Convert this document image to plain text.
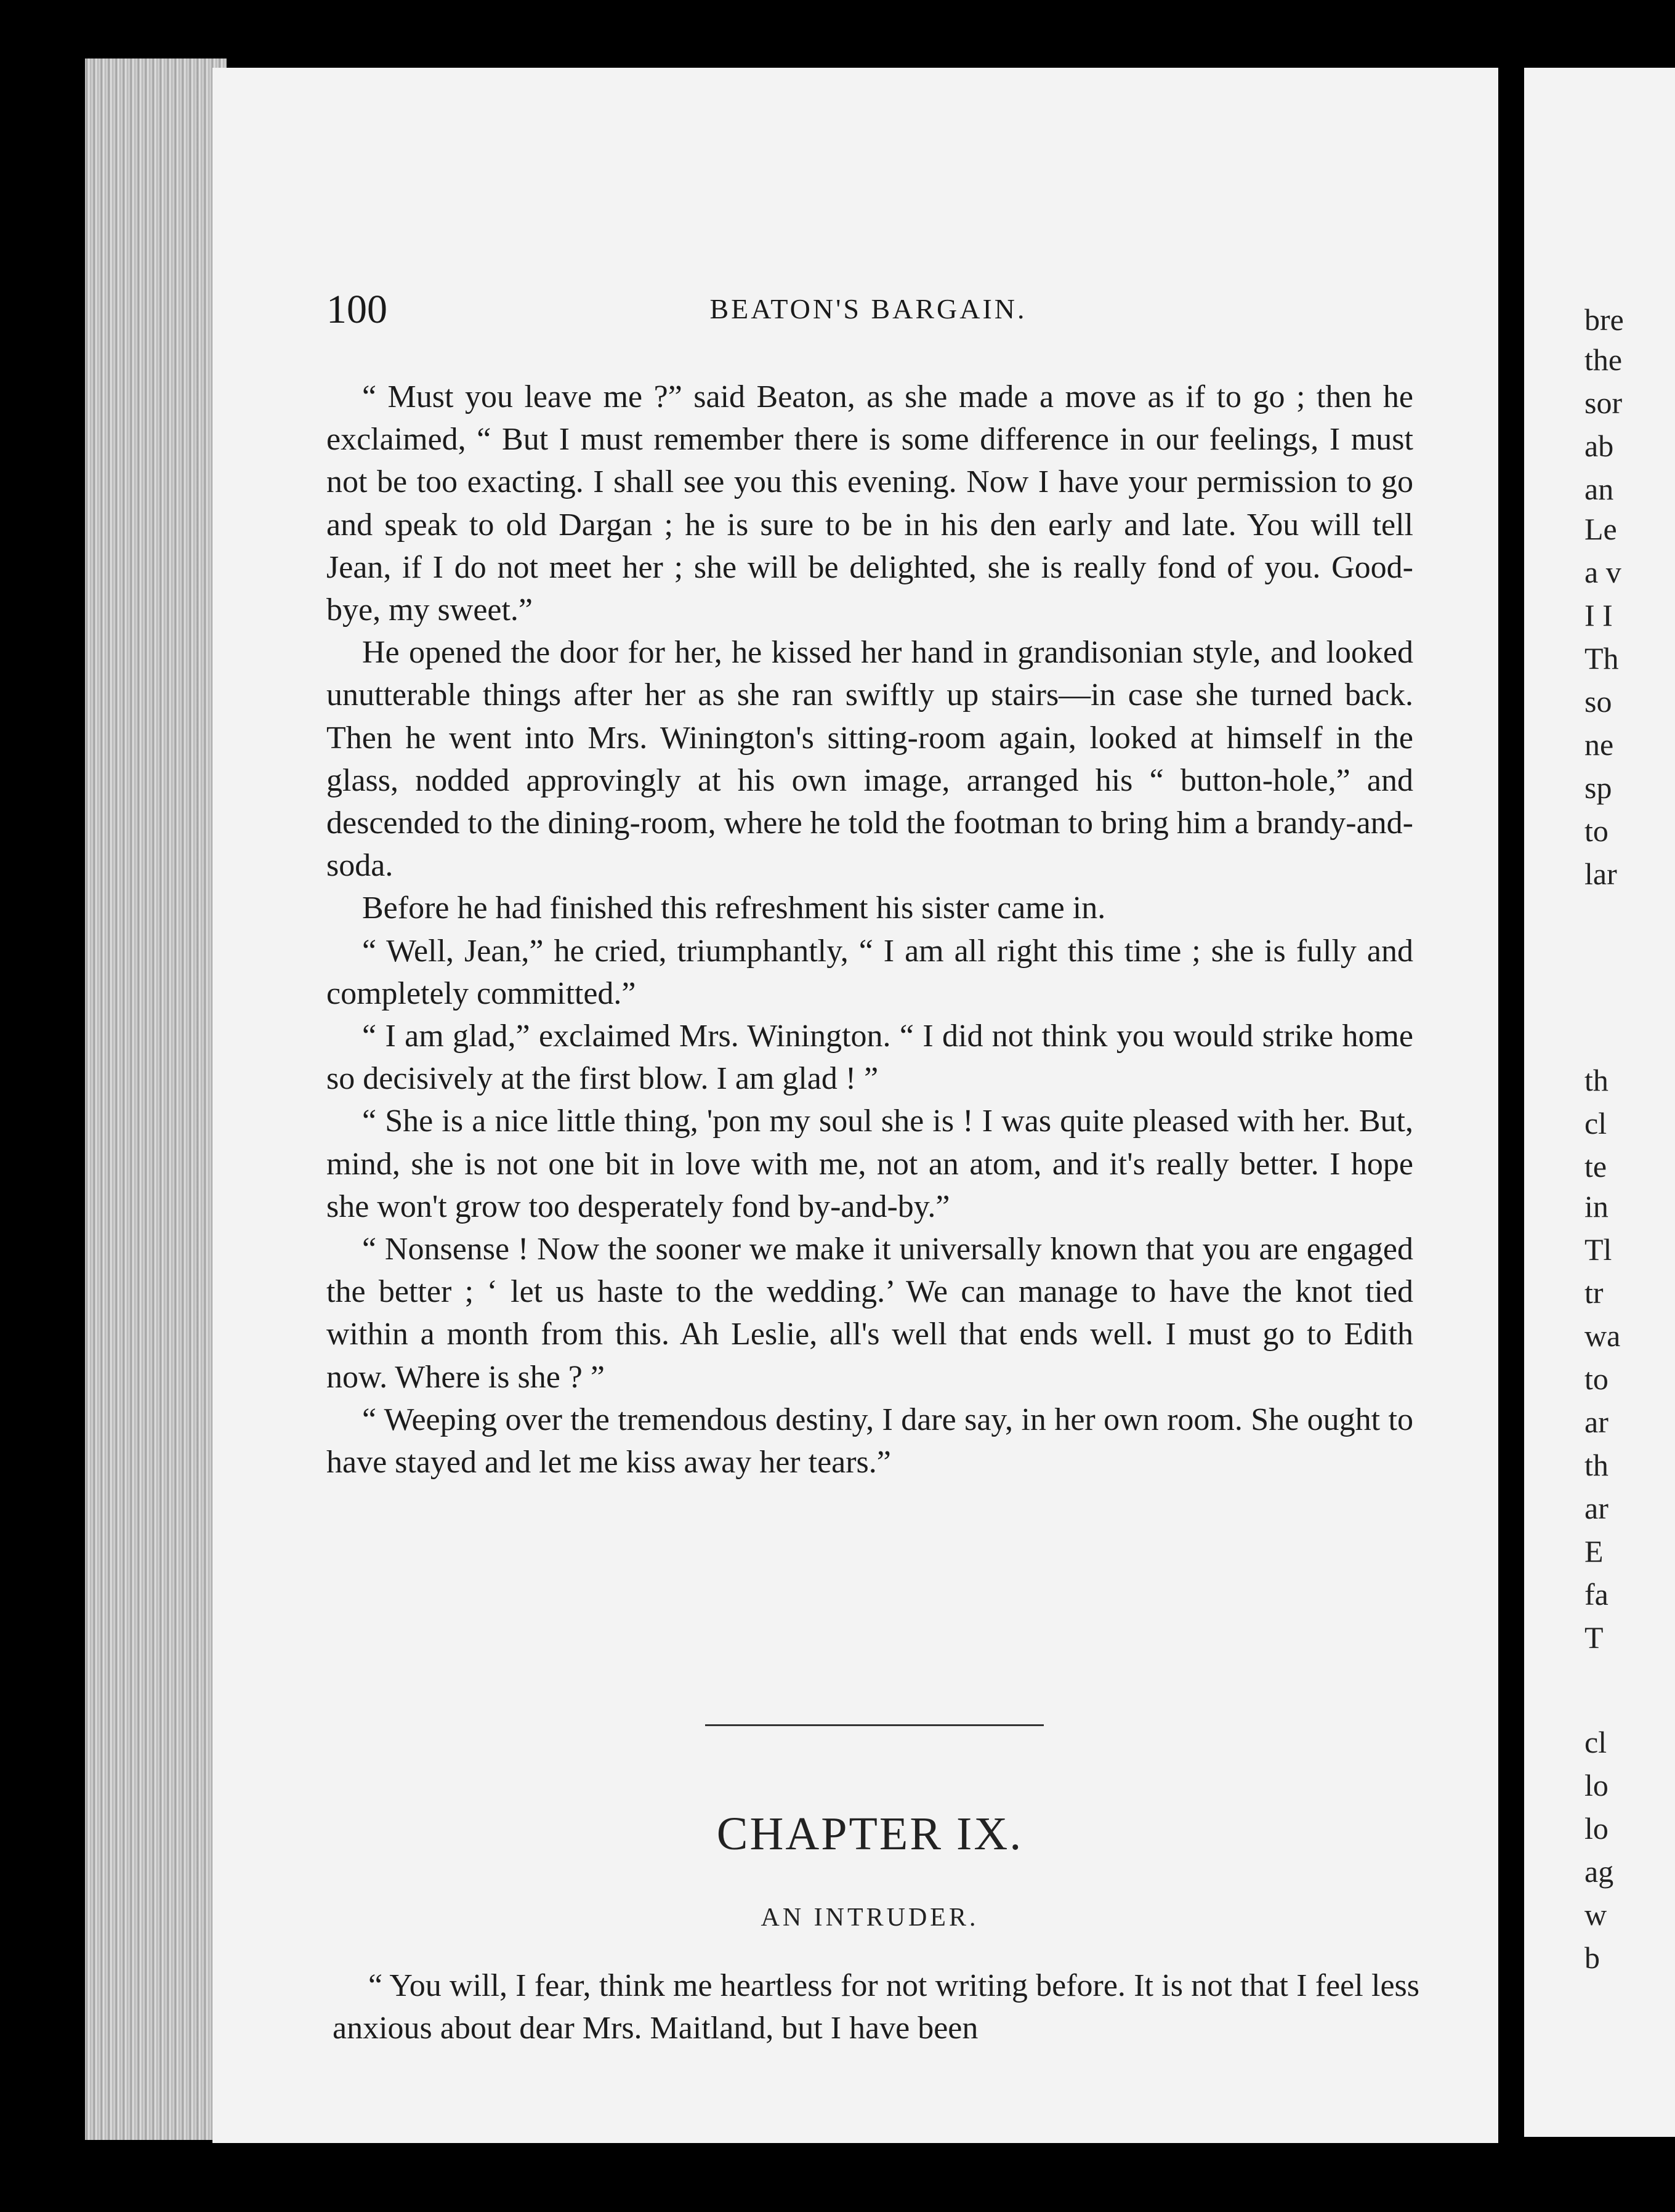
100	BEATON'S BARGAIN.

“ Must you leave me ?” said Beaton, as she made a move as if to go ; then he exclaimed, “ But I must remember there is some difference in our feelings, I must not be too exacting. I shall see you this evening. Now I have your permission to go and speak to old Dargan ; he is sure to be in his den early and late. You will tell Jean, if I do not meet her ; she will be delighted, she is really fond of you. Good-bye, my sweet.”

He opened the door for her, he kissed her hand in grandisonian style, and looked unutterable things after her as she ran swiftly up stairs—in case she turned back. Then he went into Mrs. Winington's sitting-room again, looked at himself in the glass, nodded approvingly at his own image, arranged his “ button-hole,” and descended to the dining-room, where he told the footman to bring him a brandy-and-soda.

Before he had finished this refreshment his sister came in.

“ Well, Jean,” he cried, triumphantly, “ I am all right this time ; she is fully and completely committed.”

“ I am glad,” exclaimed Mrs. Winington. “ I did not think you would strike home so decisively at the first blow. I am glad ! ”

“ She is a nice little thing, 'pon my soul she is ! I was quite pleased with her. But, mind, she is not one bit in love with me, not an atom, and it's really better. I hope she won't grow too desperately fond by-and-by.”

“ Nonsense ! Now the sooner we make it universally known that you are engaged the better ; ‘ let us haste to the wedding.’ We can manage to have the knot tied within a month from this. Ah Leslie, all's well that ends well. I must go to Edith now. Where is she ? ”

“ Weeping over the tremendous destiny, I dare say, in her own room. She ought to have stayed and let me kiss away her tears.”

CHAPTER IX.
AN INTRUDER.

“ You will, I fear, think me heartless for not writing before. It is not that I feel less anxious about dear Mrs. Maitland, but I have been

bre
the
sor
ab
an
Le
a v
I I
Th
so
ne
sp
to
lar
th
cl
te
in
Tl
tr
wa
to
ar
th
ar
E
fa
T
cl
lo
lo
ag
w
b
